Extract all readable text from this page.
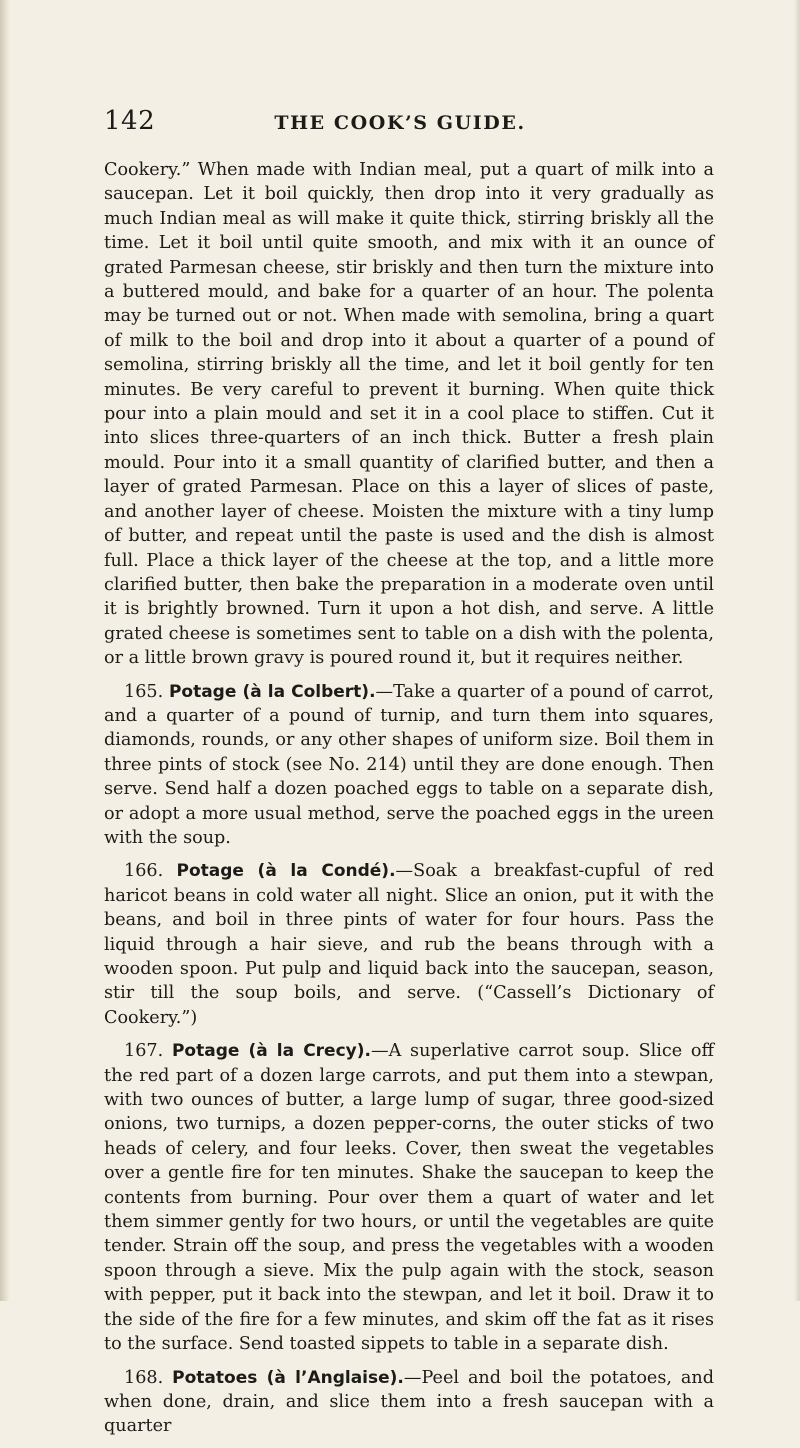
142	THE COOK’S GUIDE.

Cookery.” When made with Indian meal, put a quart of milk into a saucepan. Let it boil quickly, then drop into it very gradually as much Indian meal as will make it quite thick, stirring briskly all the time. Let it boil until quite smooth, and mix with it an ounce of grated Parmesan cheese, stir briskly and then turn the mixture into a buttered mould, and bake for a quarter of an hour. The polenta may be turned out or not. When made with semolina, bring a quart of milk to the boil and drop into it about a quarter of a pound of semolina, stirring briskly all the time, and let it boil gently for ten minutes. Be very careful to prevent it burning. When quite thick pour into a plain mould and set it in a cool place to stiffen. Cut it into slices three-quarters of an inch thick. Butter a fresh plain mould. Pour into it a small quantity of clarified butter, and then a layer of grated Parmesan. Place on this a layer of slices of paste, and another layer of cheese. Moisten the mixture with a tiny lump of butter, and repeat until the paste is used and the dish is almost full. Place a thick layer of the cheese at the top, and a little more clarified butter, then bake the preparation in a moderate oven until it is brightly browned. Turn it upon a hot dish, and serve. A little grated cheese is sometimes sent to table on a dish with the polenta, or a little brown gravy is poured round it, but it requires neither.

165. Potage (à la Colbert).—Take a quarter of a pound of carrot, and a quarter of a pound of turnip, and turn them into squares, diamonds, rounds, or any other shapes of uniform size. Boil them in three pints of stock (see No. 214) until they are done enough. Then serve. Send half a dozen poached eggs to table on a separate dish, or adopt a more usual method, serve the poached eggs in the ureen with the soup.

166. Potage (à la Condé).—Soak a breakfast-cupful of red haricot beans in cold water all night. Slice an onion, put it with the beans, and boil in three pints of water for four hours. Pass the liquid through a hair sieve, and rub the beans through with a wooden spoon. Put pulp and liquid back into the saucepan, season, stir till the soup boils, and serve. (“Cassell’s Dictionary of Cookery.”)

167. Potage (à la Crecy).—A superlative carrot soup. Slice off the red part of a dozen large carrots, and put them into a stewpan, with two ounces of butter, a large lump of sugar, three good-sized onions, two turnips, a dozen pepper-corns, the outer sticks of two heads of celery, and four leeks. Cover, then sweat the vegetables over a gentle fire for ten minutes. Shake the saucepan to keep the contents from burning. Pour over them a quart of water and let them simmer gently for two hours, or until the vegetables are quite tender. Strain off the soup, and press the vegetables with a wooden spoon through a sieve. Mix the pulp again with the stock, season with pepper, put it back into the stewpan, and let it boil. Draw it to the side of the fire for a few minutes, and skim off the fat as it rises to the surface. Send toasted sippets to table in a separate dish.

168. Potatoes (à l’Anglaise).—Peel and boil the potatoes, and when done, drain, and slice them into a fresh saucepan with a quarter
